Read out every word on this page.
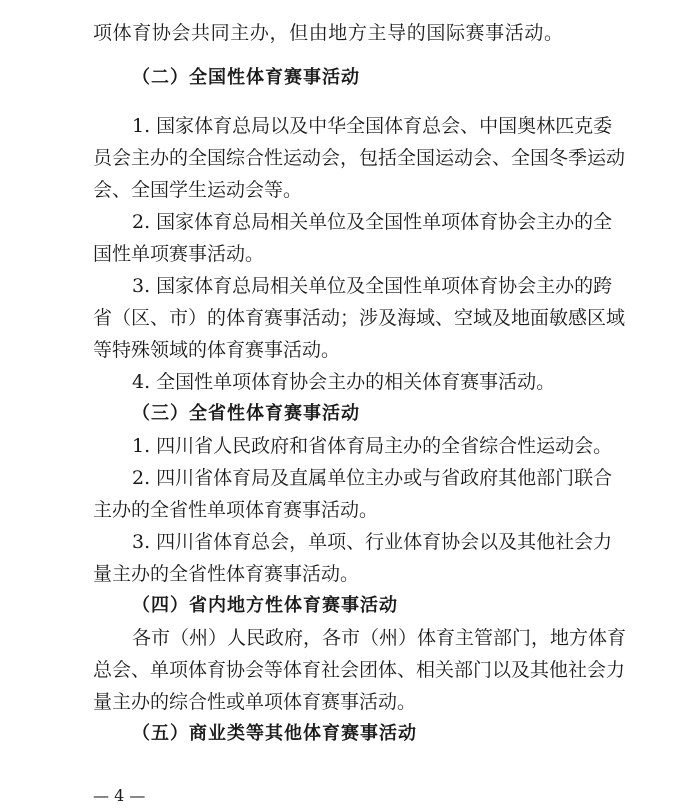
项体育协会共同主办，但由地方主导的国际赛事活动。
（二）全国性体育赛事活动
1. 国家体育总局以及中华全国体育总会、中国奥林匹克委
员会主办的全国综合性运动会，包括全国运动会、全国冬季运动
会、全国学生运动会等。
2. 国家体育总局相关单位及全国性单项体育协会主办的全
国性单项赛事活动。
3. 国家体育总局相关单位及全国性单项体育协会主办的跨
省（区、市）的体育赛事活动；涉及海域、空域及地面敏感区域
等特殊领域的体育赛事活动。
4. 全国性单项体育协会主办的相关体育赛事活动。
（三）全省性体育赛事活动
1. 四川省人民政府和省体育局主办的全省综合性运动会。
2. 四川省体育局及直属单位主办或与省政府其他部门联合
主办的全省性单项体育赛事活动。
3. 四川省体育总会，单项、行业体育协会以及其他社会力
量主办的全省性体育赛事活动。
（四）省内地方性体育赛事活动
各市（州）人民政府，各市（州）体育主管部门，地方体育
总会、单项体育协会等体育社会团体、相关部门以及其他社会力
量主办的综合性或单项体育赛事活动。
（五）商业类等其他体育赛事活动
— 4 —
